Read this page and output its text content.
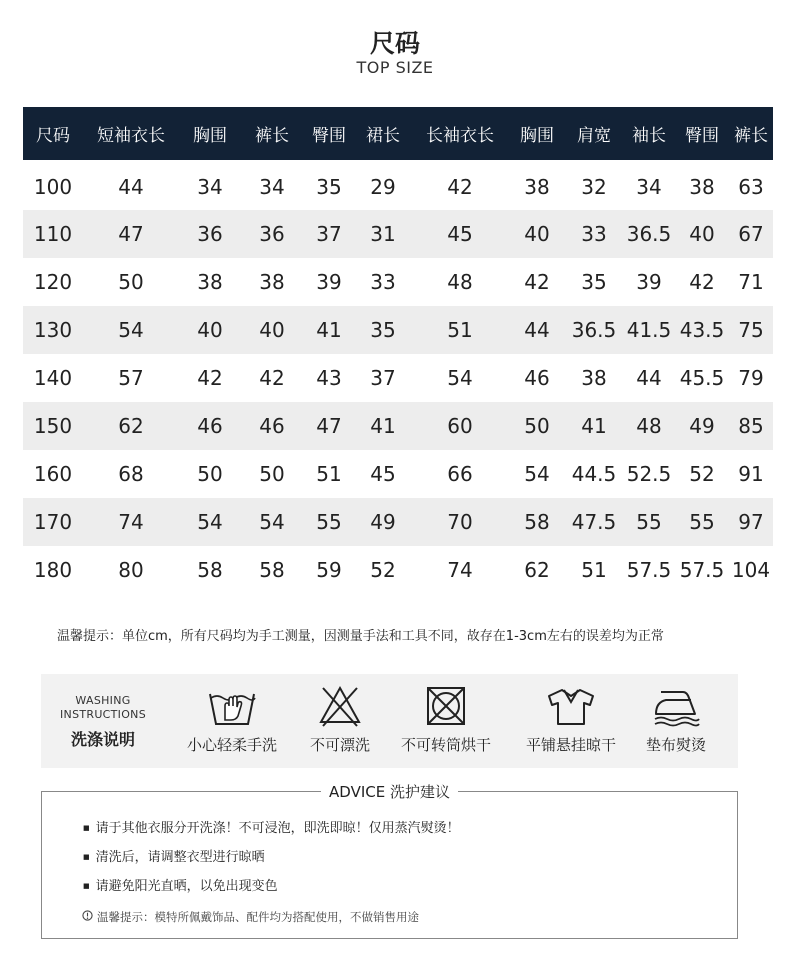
尺码
TOP SIZE
尺码	短袖衣长	胸围	裤长	臀围	裙长	长袖衣长	胸围	肩宽	袖长	臀围	裤长
100	44	34	34	35	29	42	38	32	34	38	63
110	47	36	36	37	31	45	40	33	36.5	40	67
120	50	38	38	39	33	48	42	35	39	42	71
130	54	40	40	41	35	51	44	36.5	41.5	43.5	75
140	57	42	42	43	37	54	46	38	44	45.5	79
150	62	46	46	47	41	60	50	41	48	49	85
160	68	50	50	51	45	66	54	44.5	52.5	52	91
170	74	54	54	55	49	70	58	47.5	55	55	97
180	80	58	58	59	52	74	62	51	57.5	57.5	104
温馨提示：单位cm，所有尺码均为手工测量，因测量手法和工具不同，故存在1-3cm左右的误差均为正常
WASHING
INSTRUCTIONS
洗涤说明	小心轻柔手洗	不可漂洗	不可转筒烘干	平铺悬挂晾干	垫布熨烫
ADVICE 洗护建议
■ 请于其他衣服分开洗涤！不可浸泡，即洗即晾！仅用蒸汽熨烫！
■ 清洗后，请调整衣型进行晾晒
■ 请避免阳光直晒，以免出现变色
温馨提示：模特所佩戴饰品、配件均为搭配使用，不做销售用途
